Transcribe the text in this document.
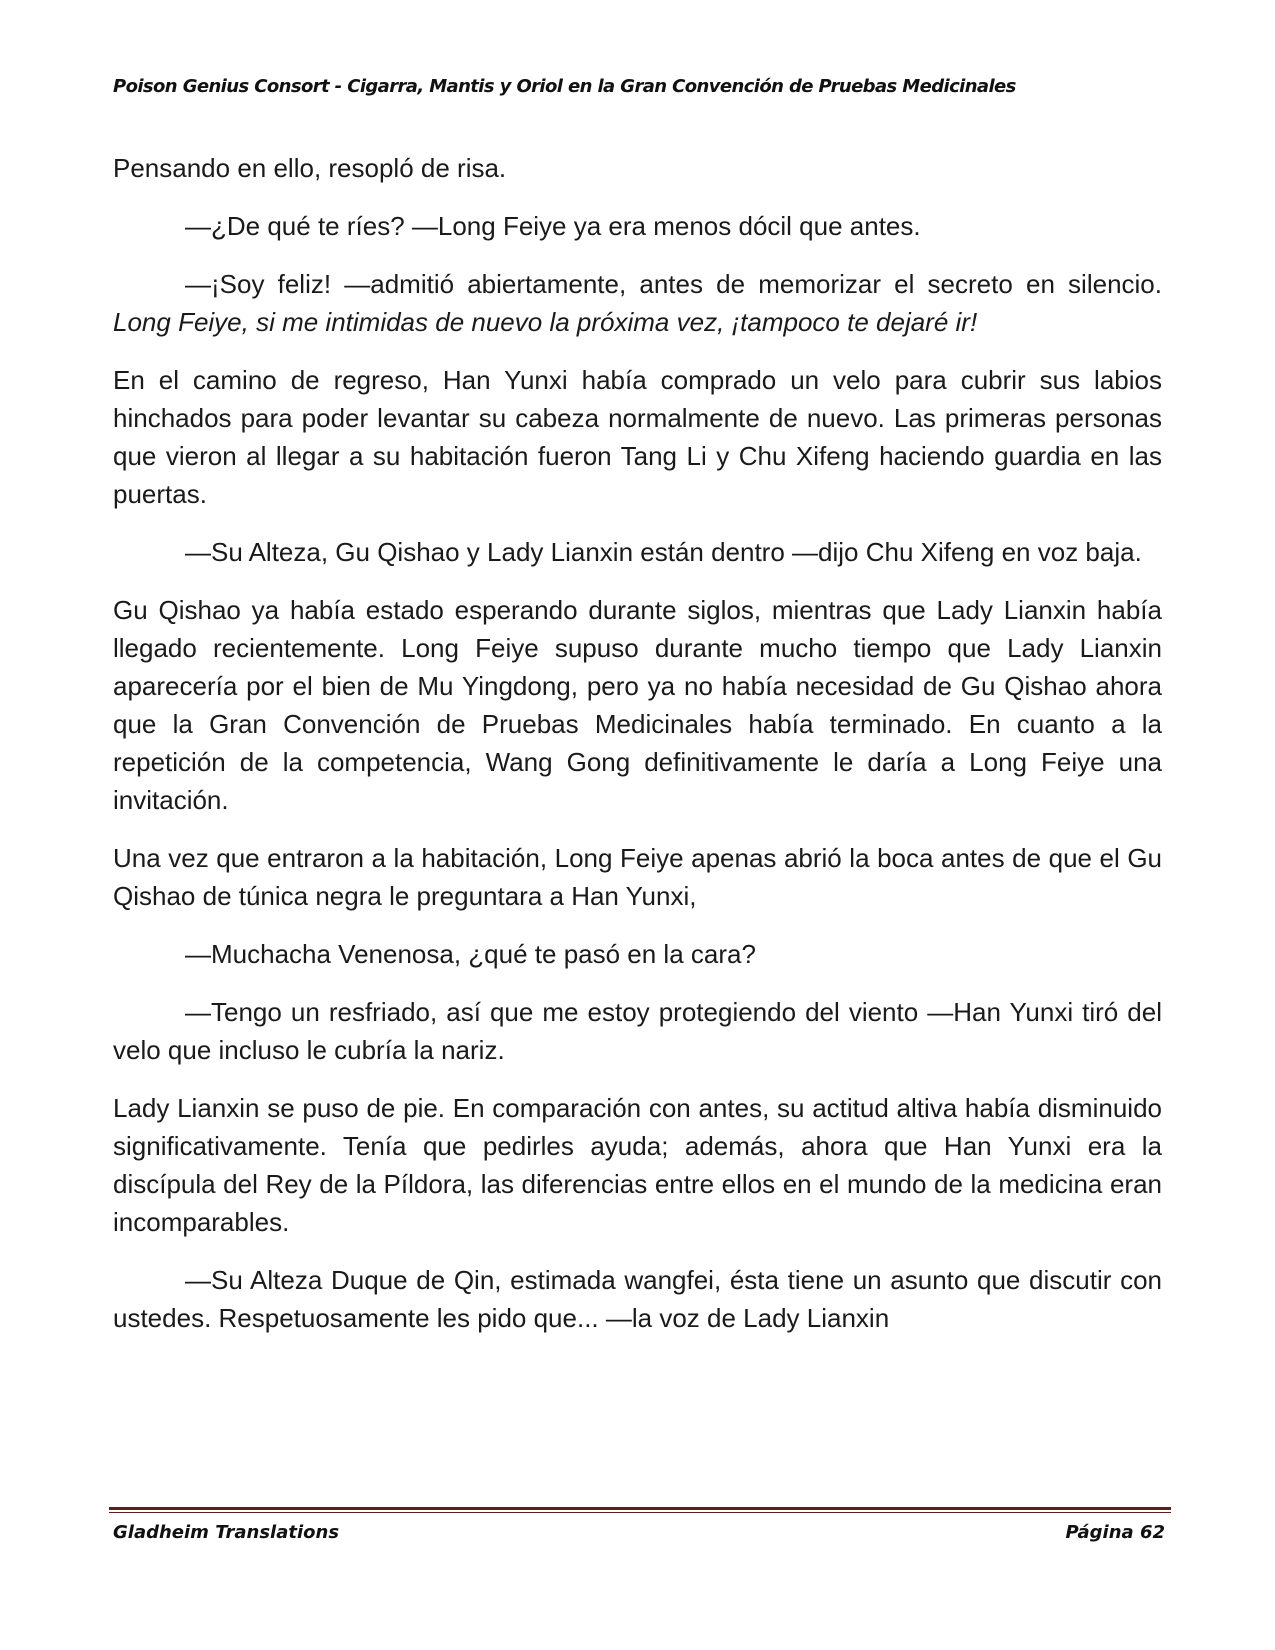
Poison Genius Consort - Cigarra, Mantis y Oriol en la Gran Convención de Pruebas Medicinales

Pensando en ello, resopló de risa.

—¿De qué te ríes? —Long Feiye ya era menos dócil que antes.

—¡Soy feliz! —admitió abiertamente, antes de memorizar el secreto en silencio. Long Feiye, si me intimidas de nuevo la próxima vez, ¡tampoco te dejaré ir!

En el camino de regreso, Han Yunxi había comprado un velo para cubrir sus labios hinchados para poder levantar su cabeza normalmente de nuevo. Las primeras personas que vieron al llegar a su habitación fueron Tang Li y Chu Xifeng haciendo guardia en las puertas.

—Su Alteza, Gu Qishao y Lady Lianxin están dentro —dijo Chu Xifeng en voz baja.

Gu Qishao ya había estado esperando durante siglos, mientras que Lady Lianxin había llegado recientemente. Long Feiye supuso durante mucho tiempo que Lady Lianxin aparecería por el bien de Mu Yingdong, pero ya no había necesidad de Gu Qishao ahora que la Gran Convención de Pruebas Medicinales había terminado. En cuanto a la repetición de la competencia, Wang Gong definitivamente le daría a Long Feiye una invitación.

Una vez que entraron a la habitación, Long Feiye apenas abrió la boca antes de que el Gu Qishao de túnica negra le preguntara a Han Yunxi,

—Muchacha Venenosa, ¿qué te pasó en la cara?

—Tengo un resfriado, así que me estoy protegiendo del viento —Han Yunxi tiró del velo que incluso le cubría la nariz.

Lady Lianxin se puso de pie. En comparación con antes, su actitud altiva había disminuido significativamente. Tenía que pedirles ayuda; además, ahora que Han Yunxi era la discípula del Rey de la Píldora, las diferencias entre ellos en el mundo de la medicina eran incomparables.

—Su Alteza Duque de Qin, estimada wangfei, ésta tiene un asunto que discutir con ustedes. Respetuosamente les pido que... —la voz de Lady Lianxin

Gladheim Translations	Página 62
